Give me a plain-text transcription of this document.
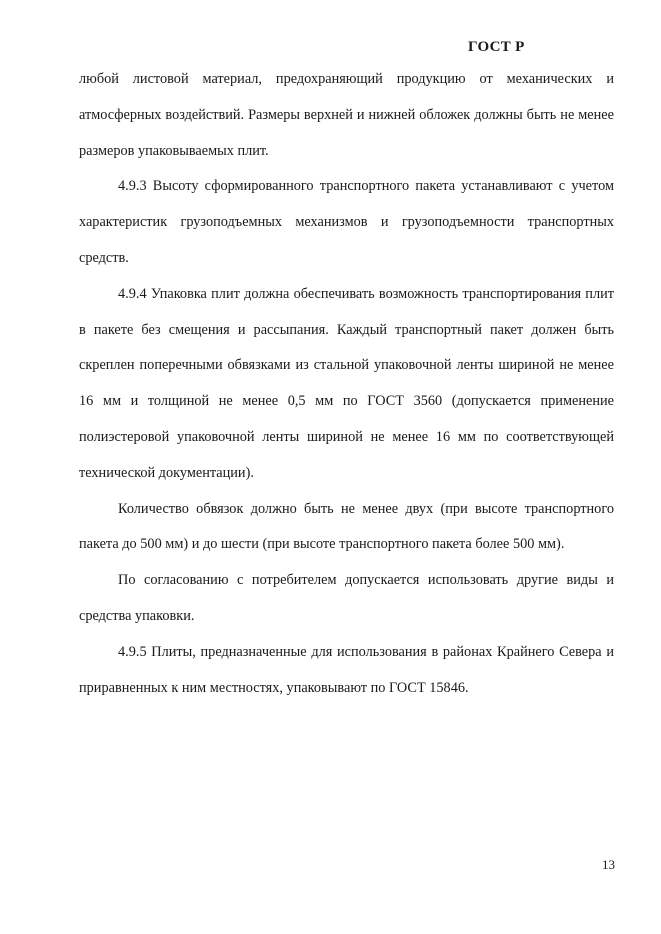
ГОСТ Р

любой листовой материал, предохраняющий продукцию от механических и атмосферных воздействий. Размеры верхней и нижней обложек должны быть не менее размеров упаковываемых плит.

4.9.3 Высоту сформированного транспортного пакета устанавливают с учетом характеристик грузоподъемных механизмов и грузоподъемности транспортных средств.

4.9.4 Упаковка плит должна обеспечивать возможность транспортирования плит в пакете без смещения и рассыпания. Каждый транспортный пакет должен быть скреплен поперечными обвязками из стальной упаковочной ленты шириной не менее 16 мм и толщиной не менее 0,5 мм по ГОСТ 3560 (допускается применение полиэстеровой упаковочной ленты шириной не менее 16 мм по соответствующей технической документации).

Количество обвязок должно быть не менее двух (при высоте транспортного пакета до 500 мм) и до шести (при высоте транспортного пакета более 500 мм).

По согласованию с потребителем допускается использовать другие виды и средства упаковки.

4.9.5 Плиты, предназначенные для использования в районах Крайнего Севера и приравненных к ним местностях, упаковывают по ГОСТ 15846.

13
